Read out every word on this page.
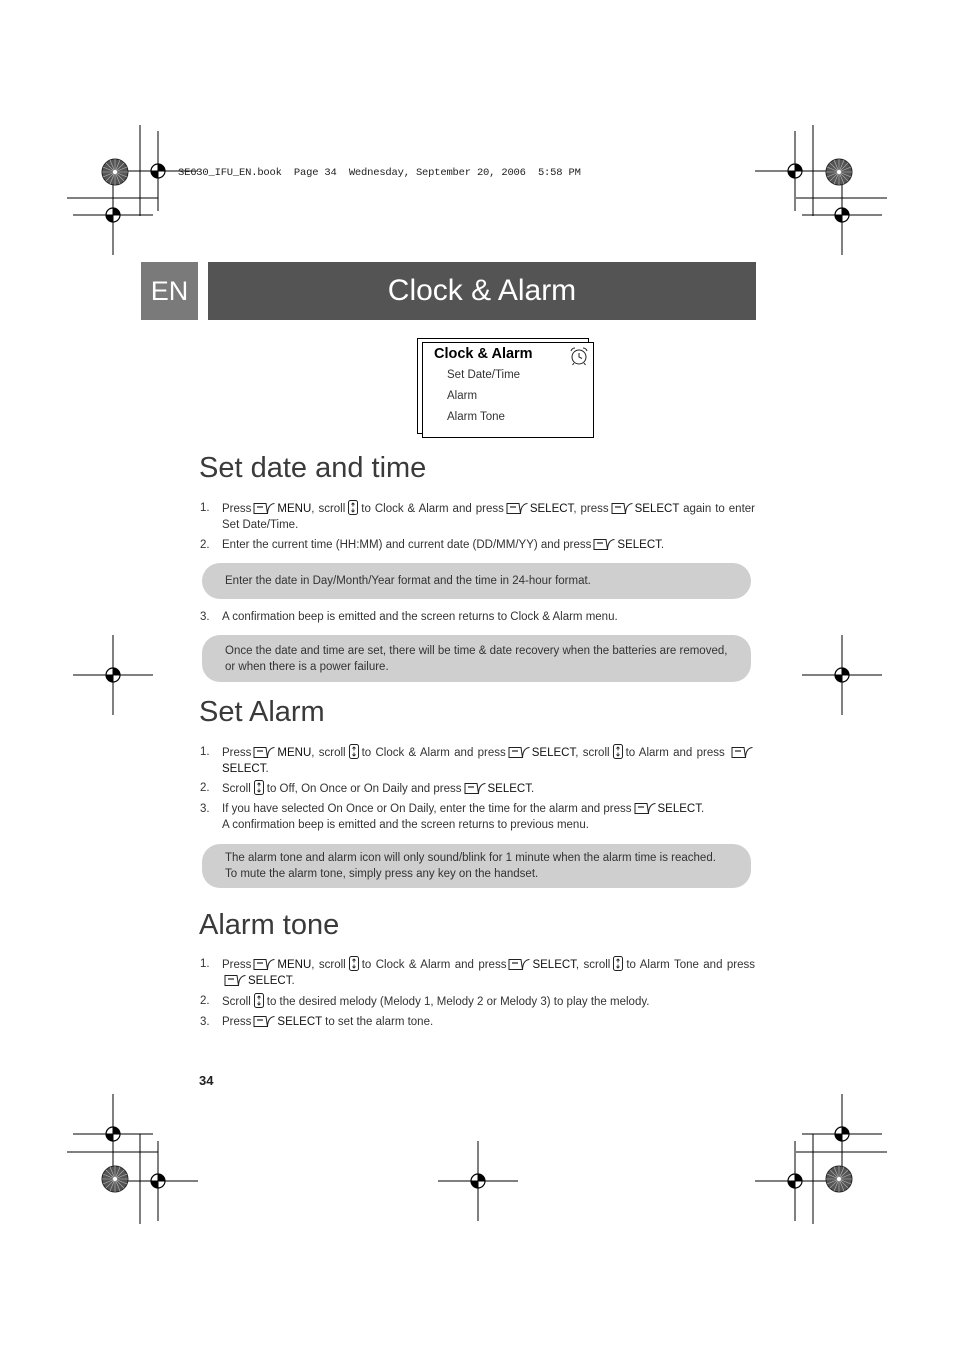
SE630_IFU_EN.book  Page 34  Wednesday, September 20, 2006  5:58 PM
EN	Clock & Alarm
Clock & Alarm
Set Date/Time
Alarm
Alarm Tone
Set date and time
1. Press MENU, scroll to Clock & Alarm and press SELECT, press SELECT again to enter Set Date/Time.
2. Enter the current time (HH:MM) and current date (DD/MM/YY) and press SELECT.
Enter the date in Day/Month/Year format and the time in 24-hour format.
3. A confirmation beep is emitted and the screen returns to Clock & Alarm menu.
Once the date and time are set, there will be time & date recovery when the batteries are removed, or when there is a power failure.
Set Alarm
1. Press MENU, scroll to Clock & Alarm and press SELECT, scroll to Alarm and press SELECT.
2. Scroll to Off, On Once or On Daily and press SELECT.
3. If you have selected On Once or On Daily, enter the time for the alarm and press SELECT.
A confirmation beep is emitted and the screen returns to previous menu.
The alarm tone and alarm icon will only sound/blink for 1 minute when the alarm time is reached. To mute the alarm tone, simply press any key on the handset.
Alarm tone
1. Press MENU, scroll to Clock & Alarm and press SELECT, scroll to Alarm Tone and pressSELECT.
2. Scroll to the desired melody (Melody 1, Melody 2 or Melody 3) to play the melody.
3. Press SELECT to set the alarm tone.
34
